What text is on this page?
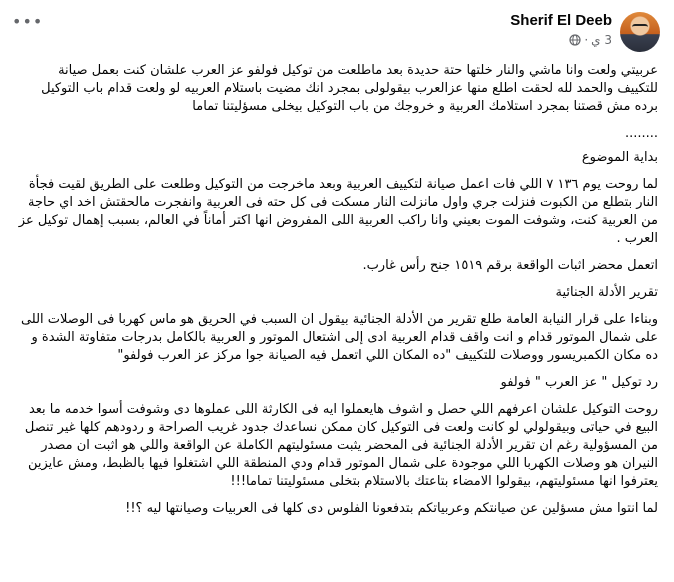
•••	Sherif El Deeb
3 ي
·

عربيتي ولعت وانا ماشي والنار خلتها حتة حديدة بعد ماطلعت من توكيل فولفو عز العرب علشان كنت بعمل صيانة للتكييف والحمد لله لحقت اطلع منها عزالعرب بيقولولى بمجرد انك مضيت باستلام العربيه لو ولعت قدام باب التوكيل برده مش قصتنا بمجرد استلامك العربية و خروجك من باب التوكيل بيخلى مسؤليتنا تماما

........

بداية الموضوع

لما روحت يوم ١٣٦ ٧ اللي فات اعمل صيانة لتكييف العربية وبعد ماخرجت من التوكيل وطلعت على الطريق لقيت فجأة النار بتطلع من الكبوت فنزلت جري واول مانزلت النار مسكت فى كل حته فى العربية وانفجرت مالحقتش اخد اي حاجة من العربية كنت، وشوفت الموت بعيني وانا راكب العربية اللى المفروض انها اكتر أماناً في العالم، بسبب إهمال توكيل عز العرب .

اتعمل محضر اثبات الواقعة برقم ١٥١٩ جنح رأس غارب.

تقرير الأدلة الجنائية

وبناءا على قرار النيابة العامة طلع تقرير من الأدلة الجنائية بيقول ان السبب في الحريق هو ماس كهربا فى الوصلات اللى على شمال الموتور قدام و انت واقف قدام العربية ادى إلى اشتعال الموتور و العربية بالكامل بدرجات متفاوتة الشدة و ده مكان الكمبريسور ووصلات للتكييف "ده المكان اللي اتعمل فيه الصيانة جوا مركز عز العرب فولفو"

رد توكيل " عز العرب " فولفو

روحت التوكيل علشان اعرفهم اللي حصل و اشوف هايعملوا ايه فى الكارثة اللى عملوها دى وشوفت أسوا خدمه ما بعد البيع في حياتى وبيقولولي لو كانت ولعت فى التوكيل كان ممكن نساعدك جدود غريب الصراحة و ردودهم كلها غير تنصل من المسؤولية رغم ان تقرير الأدلة الجنائية فى المحضر يثبت مسئوليتهم الكاملة عن الواقعة واللي هو اثبت ان مصدر النيران هو وصلات الكهربا اللي موجودة على شمال الموتور قدام ودي المنطقة اللي اشتغلوا فيها بالظبط، ومش عايزين يعترفوا انها مسئوليتهم، بيقولوا الامضاء بتاعتك بالاستلام بتخلى مسئوليتنا تماما!!!

لما انتوا مش مسؤلين عن صيانتكم وعربياتكم بتدفعونا الفلوس دى كلها فى العربيات وصيانتها ليه ؟!!
